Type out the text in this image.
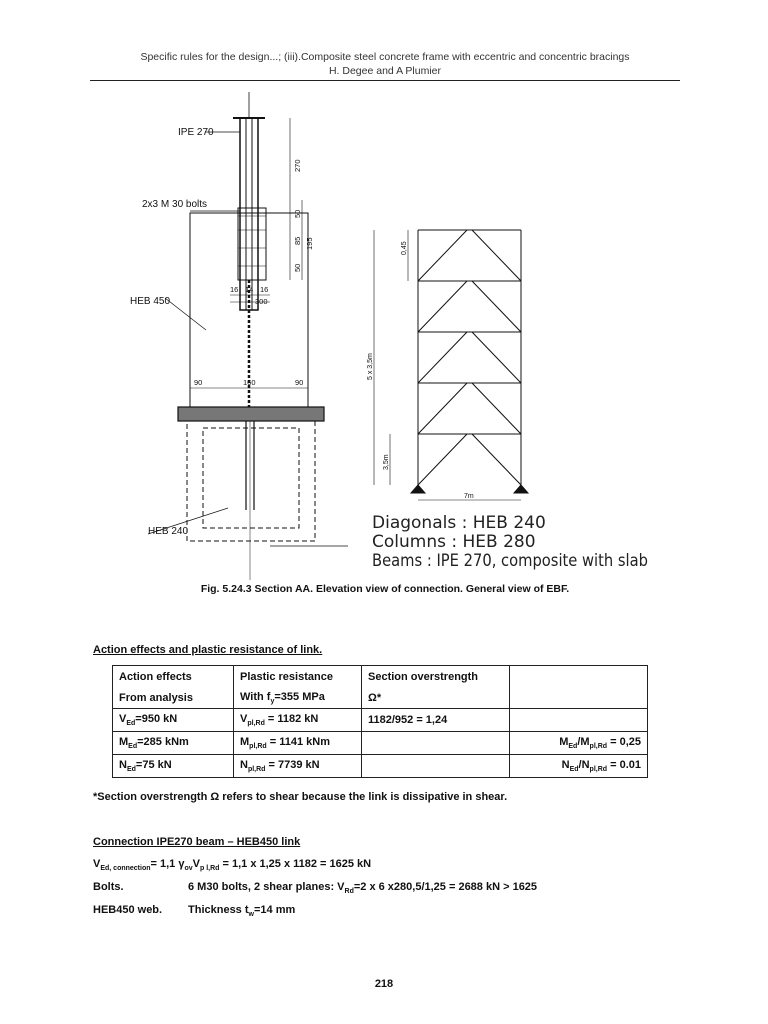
Specific rules for the design...; (iii).Composite steel concrete frame with eccentric and concentric bracings
H. Degee and A Plumier
IPE 270
2x3 M 30 bolts
HEB 450
HEB 240
270
50
85
50
195
16 14 16
300
90	160	90
5 x 3,5m
0,45
3,5m
7m
Diagonals : HEB 240
Columns : HEB 280
Beams : IPE 270, composite with slab
Fig. 5.24.3 Section AA. Elevation view of connection. General view of EBF.
Action effects and plastic resistance of link.
Action effects	Plastic resistance	Section overstrength	
From analysis	With $f_y=355$ MPa	Ω*	
$V_{Ed}=950$ kN	$V_{pl,Rd} = 1182$ kN	1182/952 = 1,24	
$M_{Ed}=285$ kNm	$M_{pl,Rd} = 1141$ kNm		$M_{Ed}/M_{pl,Rd} = 0,25$
$N_{Ed}=75$ kN	$N_{pl,Rd} = 7739$ kN		$N_{Ed}/N_{pl,Rd} = 0.01$
*Section overstrength Ω refers to shear because the link is dissipative in shear.
Connection IPE270 beam – HEB450 link
$V_{Ed, connection}= 1,1$ $\gamma_{ov}V_{p l,Rd} = 1,1$ x 1,25 x 1182 = 1625 kN
Bolts.	6 M30 bolts, 2 shear planes: $V_{Rd}=2$ x 6 x280,5/1,25 = 2688 kN > 1625
HEB450 web. Thickness $t_w=14$ mm
218
